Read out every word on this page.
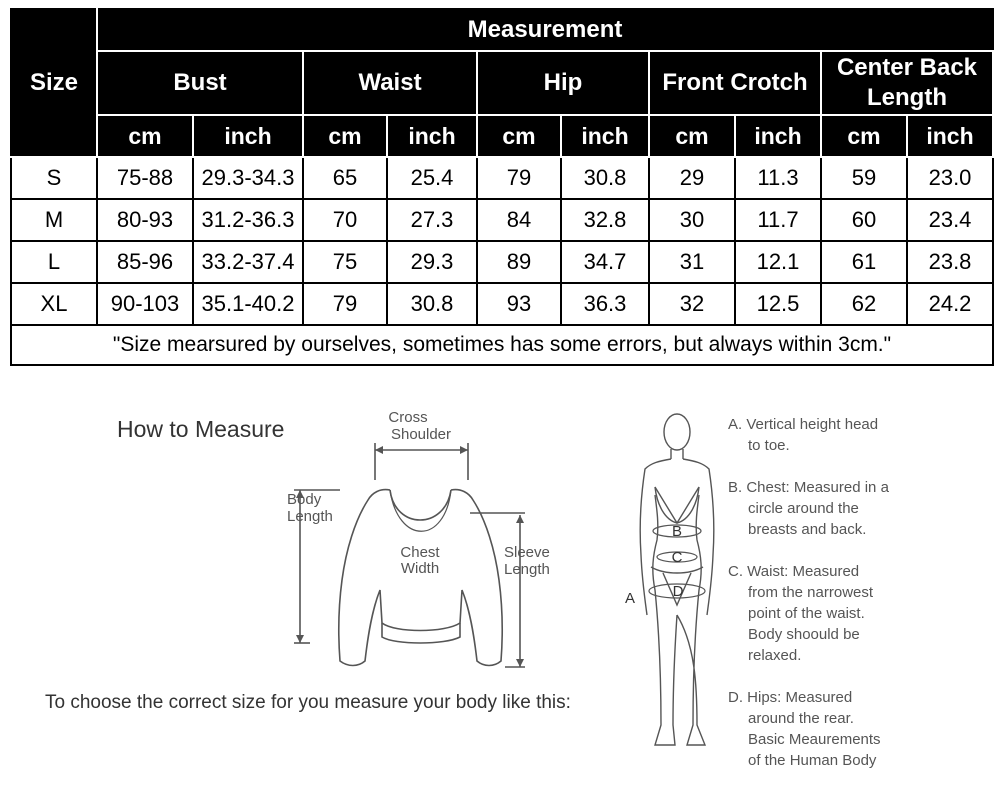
Size	Measurement									
	Bust		Waist		Hip		Front Crotch		Center Back Length	
	cm	inch	cm	inch	cm	inch	cm	inch	cm	inch
S	75-88	29.3-34.3	65	25.4	79	30.8	29	11.3	59	23.0
M	80-93	31.2-36.3	70	27.3	84	32.8	30	11.7	60	23.4
L	85-96	33.2-37.4	75	29.3	89	34.7	31	12.1	61	23.8
XL	90-103	35.1-40.2	79	30.8	93	36.3	32	12.5	62	24.2
"Size mearsured by ourselves, sometimes has some errors, but always within 3cm."										
How to Measure
To choose the correct size for you measure your body like this:
Cross
Shoulder
Body
Length
Chest
Width
Sleeve
Length
B
C
D
A

A. Vertical height head
to toe.

B. Chest: Measured in a
circle around the
breasts and back.

C. Waist: Measured
from the narrowest
point of the waist.
Body shoould be
relaxed.

D. Hips: Measured
around the rear.
Basic Meaurements
of the Human Body
